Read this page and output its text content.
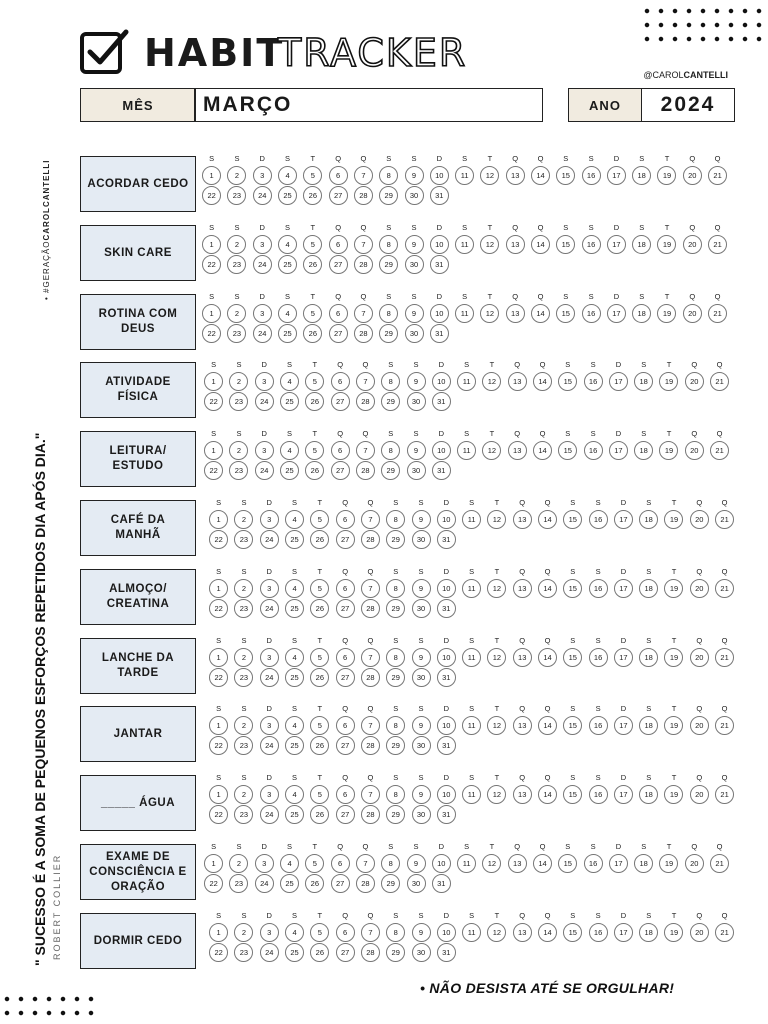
HABIT
TRACKER	@CAROLCANTELLI
MÊS	MARÇO	ANO	2024
• #GERAÇÃOCAROLCANTELLI
" SUCESSO É A SOMA DE PEQUENOS ESFORÇOS REPETIDOS DIA APÓS DIA." ROBERT COLLIER
ACORDAR CEDO
S	S	D	S	T	Q	Q	S	S	D	S	T	Q	Q	S	S	D	S	T	Q	Q
1	2	3	4	5	6	7	8	9	10	11	12	13	14	15	16	17	18	19	20	21
22	23	24	25	26	27	28	29	30	31
SKIN CARE
S	S	D	S	T	Q	Q	S	S	D	S	T	Q	Q	S	S	D	S	T	Q	Q
1	2	3	4	5	6	7	8	9	10	11	12	13	14	15	16	17	18	19	20	21
22	23	24	25	26	27	28	29	30	31
ROTINA COM DEUS
S	S	D	S	T	Q	Q	S	S	D	S	T	Q	Q	S	S	D	S	T	Q	Q
1	2	3	4	5	6	7	8	9	10	11	12	13	14	15	16	17	18	19	20	21
22	23	24	25	26	27	28	29	30	31
ATIVIDADE FÍSICA
S	S	D	S	T	Q	Q	S	S	D	S	T	Q	Q	S	S	D	S	T	Q	Q
1	2	3	4	5	6	7	8	9	10	11	12	13	14	15	16	17	18	19	20	21
22	23	24	25	26	27	28	29	30	31
LEITURA/ ESTUDO
S	S	D	S	T	Q	Q	S	S	D	S	T	Q	Q	S	S	D	S	T	Q	Q
1	2	3	4	5	6	7	8	9	10	11	12	13	14	15	16	17	18	19	20	21
22	23	24	25	26	27	28	29	30	31
CAFÉ DA MANHÃ
S	S	D	S	T	Q	Q	S	S	D	S	T	Q	Q	S	S	D	S	T	Q	Q
1	2	3	4	5	6	7	8	9	10	11	12	13	14	15	16	17	18	19	20	21
22	23	24	25	26	27	28	29	30	31
ALMOÇO/ CREATINA
S	S	D	S	T	Q	Q	S	S	D	S	T	Q	Q	S	S	D	S	T	Q	Q
1	2	3	4	5	6	7	8	9	10	11	12	13	14	15	16	17	18	19	20	21
22	23	24	25	26	27	28	29	30	31
LANCHE DA TARDE
S	S	D	S	T	Q	Q	S	S	D	S	T	Q	Q	S	S	D	S	T	Q	Q
1	2	3	4	5	6	7	8	9	10	11	12	13	14	15	16	17	18	19	20	21
22	23	24	25	26	27	28	29	30	31
JANTAR
S	S	D	S	T	Q	Q	S	S	D	S	T	Q	Q	S	S	D	S	T	Q	Q
1	2	3	4	5	6	7	8	9	10	11	12	13	14	15	16	17	18	19	20	21
22	23	24	25	26	27	28	29	30	31
_____ ÁGUA
S	S	D	S	T	Q	Q	S	S	D	S	T	Q	Q	S	S	D	S	T	Q	Q
1	2	3	4	5	6	7	8	9	10	11	12	13	14	15	16	17	18	19	20	21
22	23	24	25	26	27	28	29	30	31
EXAME DE CONSCIÊNCIA E ORAÇÃO
S	S	D	S	T	Q	Q	S	S	D	S	T	Q	Q	S	S	D	S	T	Q	Q
1	2	3	4	5	6	7	8	9	10	11	12	13	14	15	16	17	18	19	20	21
22	23	24	25	26	27	28	29	30	31
DORMIR CEDO
S	S	D	S	T	Q	Q	S	S	D	S	T	Q	Q	S	S	D	S	T	Q	Q
1	2	3	4	5	6	7	8	9	10	11	12	13	14	15	16	17	18	19	20	21
22	23	24	25	26	27	28	29	30	31
• NÃO DESISTA ATÉ SE ORGULHAR!
